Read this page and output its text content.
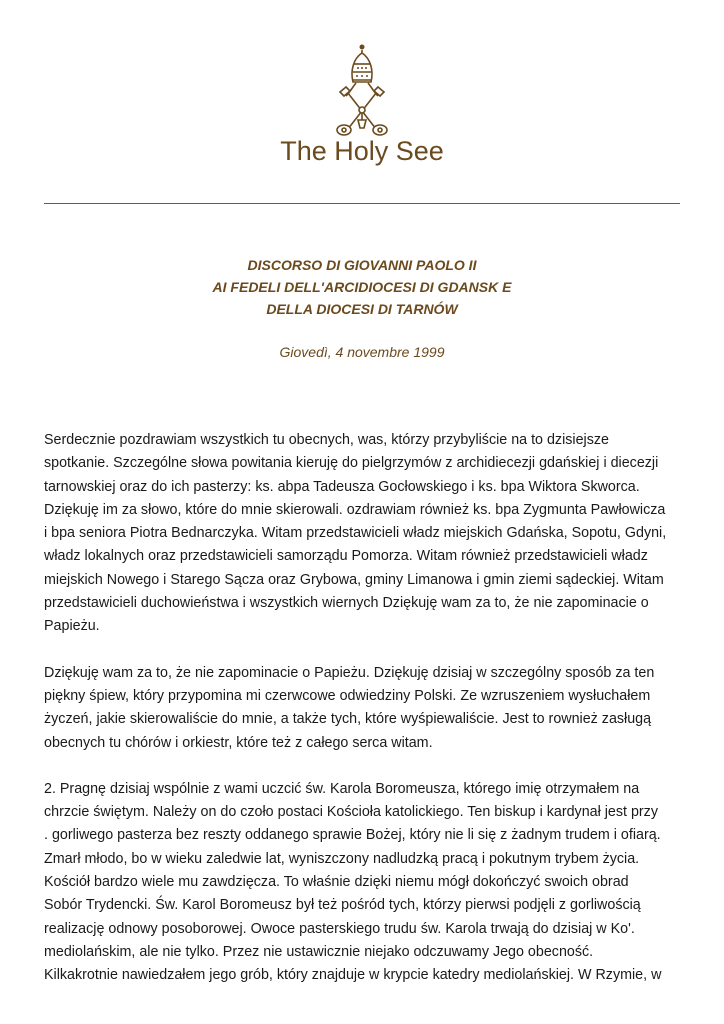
The Holy See
DISCORSO DI GIOVANNI PAOLO II
AI FEDELI DELL'ARCIDIOCESI DI GDANSK E
DELLA DIOCESI DI TARNÓW
Giovedì, 4 novembre 1999

Serdecznie pozdrawiam wszystkich tu obecnych, was, którzy przybyliście na to dzisiejsze
spotkanie. Szczególne słowa powitania kieruję do pielgrzymów z archidiecezji gdańskiej i diecezji
tarnowskiej oraz do ich pasterzy: ks. abpa Tadeusza Gocłowskiego i ks. bpa Wiktora Skworca.
Dziękuję im za słowo, które do mnie skierowali. ozdrawiam również ks. bpa Zygmunta Pawłowicza
i bpa seniora Piotra Bednarczyka. Witam przedstawicieli władz miejskich Gdańska, Sopotu, Gdyni,
władz lokalnych oraz przedstawicieli samorządu Pomorza. Witam również przedstawicieli władz
miejskich Nowego i Starego Sącza oraz Grybowa, gminy Limanowa i gmin ziemi sądeckiej. Witam
przedstawicieli duchowieństwa i wszystkich wiernych Dziękuję wam za to, że nie zapominacie o
Papieżu.

Dziękuję wam za to, że nie zapominacie o Papieżu. Dziękuję dzisiaj w szczególny sposób za ten
piękny śpiew, który przypomina mi czerwcowe odwiedziny Polski. Ze wzruszeniem wysłuchałem
życzeń, jakie skierowaliście do mnie, a także tych, które wyśpiewaliście. Jest to rownież zasługą
obecnych tu chórów i orkiestr, które też z całego serca witam.

2. Pragnę dzisiaj wspólnie z wami uczcić św. Karola Boromeusza, którego imię otrzymałem na
chrzcie świętym. Należy on do czoło postaci Kościoła katolickiego. Ten biskup i kardynał jest przy
. gorliwego pasterza bez reszty oddanego sprawie Bożej, który nie li się z żadnym trudem i ofiarą.
Zmarł młodo, bo w wieku zaledwie lat, wyniszczony nadludzką pracą i pokutnym trybem życia.
Kościół bardzo wiele mu zawdzięcza. To właśnie dzięki niemu mógł dokończyć swoich obrad
Sobór Trydencki. Św. Karol Boromeusz był też pośród tych, którzy pierwsi podjęli z gorliwością
realizację odnowy posoborowej. Owoce pasterskiego trudu św. Karola trwają do dzisiaj w Ko'.
mediolańskim, ale nie tylko. Przez nie ustawicznie niejako odczuwamy Jego obecność.
Kilkakrotnie nawiedzałem jego grób, który znajduje w krypcie katedry mediolańskiej. W Rzymie, w
